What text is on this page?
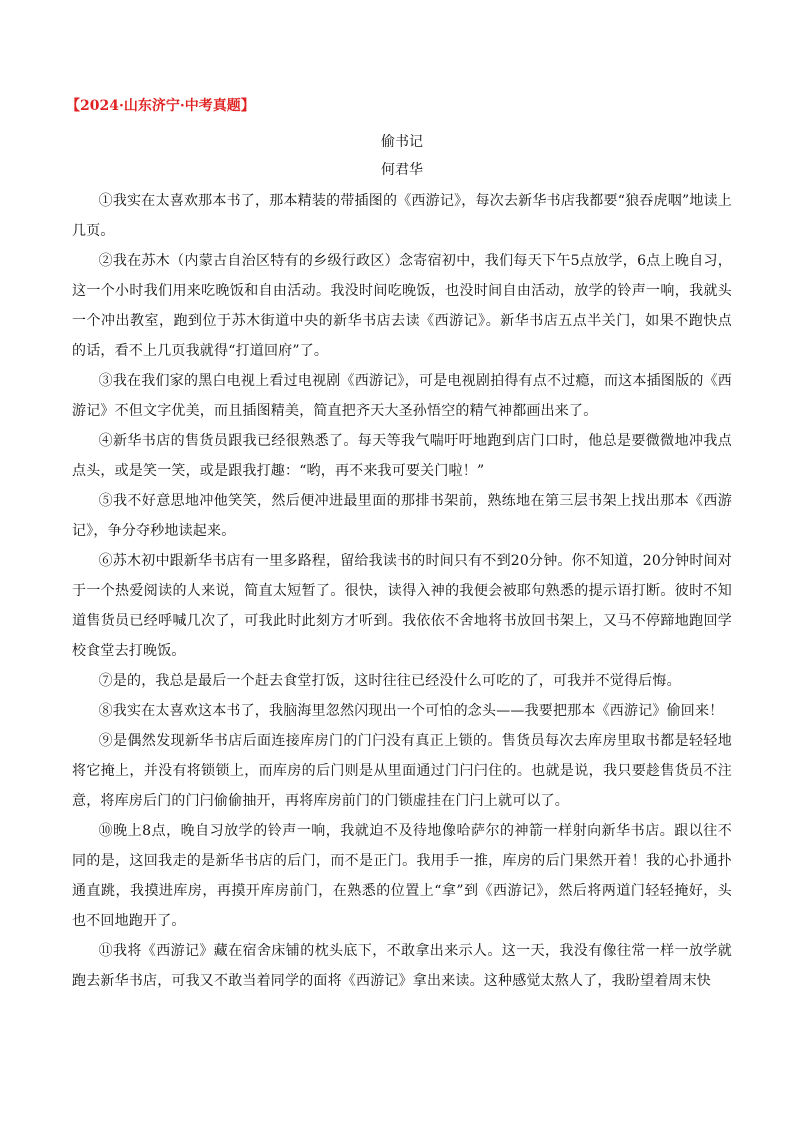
【2024·山东济宁·中考真题】
偷书记
何君华

①我实在太喜欢那本书了，那本精装的带插图的《西游记》，每次去新华书店我都要“狼吞虎咽”地读上几页。

②我在苏木（内蒙古自治区特有的乡级行政区）念寄宿初中，我们每天下午5点放学，6点上晚自习，这一个小时我们用来吃晚饭和自由活动。我没时间吃晚饭，也没时间自由活动，放学的铃声一响，我就头一个冲出教室，跑到位于苏木街道中央的新华书店去读《西游记》。新华书店五点半关门，如果不跑快点的话，看不上几页我就得“打道回府”了。

③我在我们家的黑白电视上看过电视剧《西游记》，可是电视剧拍得有点不过瘾，而这本插图版的《西游记》不但文字优美，而且插图精美，简直把齐天大圣孙悟空的精气神都画出来了。

④新华书店的售货员跟我已经很熟悉了。每天等我气喘吁吁地跑到店门口时，他总是要微微地冲我点点头，或是笑一笑，或是跟我打趣：“哟，再不来我可要关门啦！”

⑤我不好意思地冲他笑笑，然后便冲进最里面的那排书架前，熟练地在第三层书架上找出那本《西游记》，争分夺秒地读起来。

⑥苏木初中跟新华书店有一里多路程，留给我读书的时间只有不到20分钟。你不知道，20分钟时间对于一个热爱阅读的人来说，简直太短暂了。很快，读得入神的我便会被耶句熟悉的提示语打断。彼时不知道售货员已经呼喊几次了，可我此时此刻方才听到。我依依不舍地将书放回书架上，又马不停蹄地跑回学校食堂去打晚饭。

⑦是的，我总是最后一个赶去食堂打饭，这时往往已经没什么可吃的了，可我并不觉得后悔。

⑧我实在太喜欢这本书了，我脑海里忽然闪现出一个可怕的念头——我要把那本《西游记》偷回来！

⑨是偶然发现新华书店后面连接库房门的门闩没有真正上锁的。售货员每次去库房里取书都是轻轻地将它掩上，并没有将锁锁上，而库房的后门则是从里面通过门闩闩住的。也就是说，我只要趁售货员不注意，将库房后门的门闩偷偷抽开，再将库房前门的门锁虚挂在门闩上就可以了。

⑩晚上8点，晚自习放学的铃声一响，我就迫不及待地像哈萨尔的神箭一样射向新华书店。跟以往不同的是，这回我走的是新华书店的后门，而不是正门。我用手一推，库房的后门果然开着！我的心扑通扑通直跳，我摸进库房，再摸开库房前门，在熟悉的位置上“拿”到《西游记》，然后将两道门轻轻掩好，头也不回地跑开了。

⑪我将《西游记》藏在宿舍床铺的枕头底下，不敢拿出来示人。这一天，我没有像往常一样一放学就跑去新华书店，可我又不敢当着同学的面将《西游记》拿出来读。这种感觉太熬人了，我盼望着周末快
